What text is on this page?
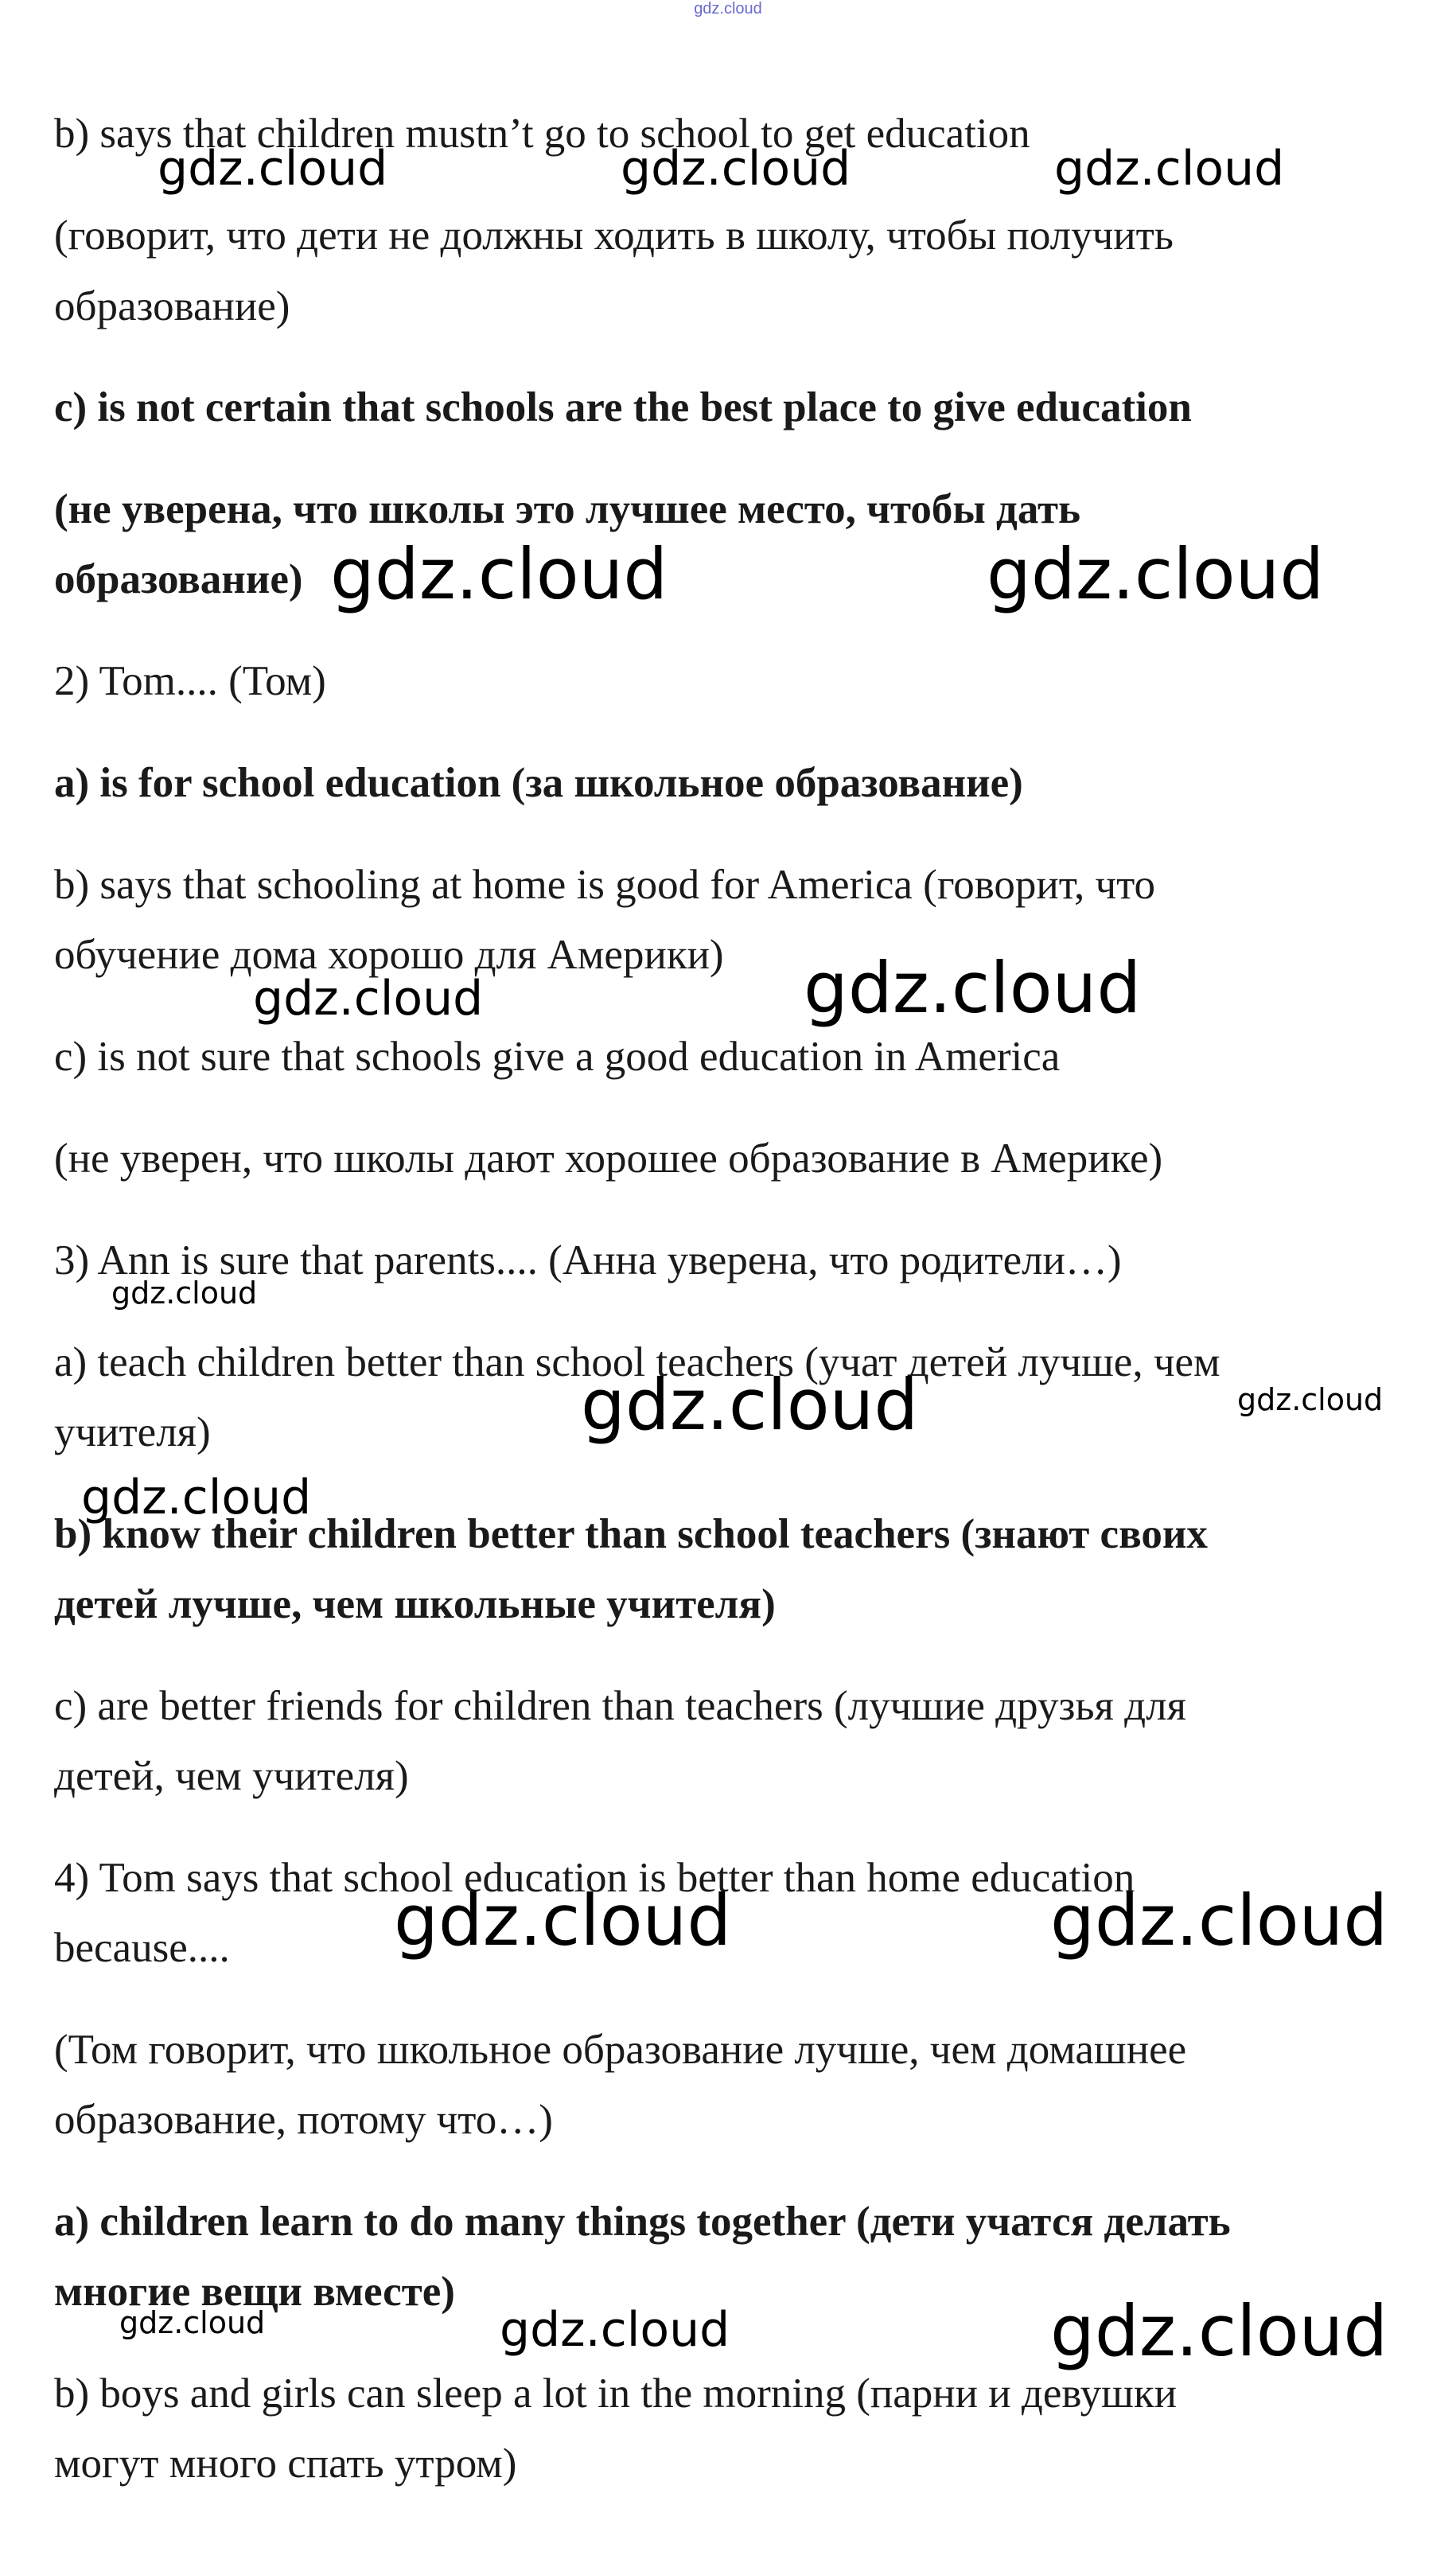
gdz.cloud
b) says that children mustn’t go to school to get education
(говорит, что дети не должны ходить в школу, чтобы получить
образование)
c) is not certain that schools are the best place to give education
(не уверена, что школы это лучшее место, чтобы дать
образование)
2) Tom.... (Том)
a) is for school education (за школьное образование)
b) says that schooling at home is good for America (говорит, что
обучение дома хорошо для Америки)
c) is not sure that schools give a good education in America
(не уверен, что школы дают хорошее образование в Америке)
3) Ann is sure that parents.... (Анна уверена, что родители…)
a) teach children better than school teachers (учат детей лучше, чем
учителя)
b) know their children better than school teachers (знают своих
детей лучше, чем школьные учителя)
c) are better friends for children than teachers (лучшие друзья для
детей, чем учителя)
4) Tom says that school education is better than home education
because....
(Том говорит, что школьное образование лучше, чем домашнее
образование, потому что…)
a) children learn to do many things together (дети учатся делать
многие вещи вместе)
b) boys and girls can sleep a lot in the morning (парни и девушки
могут много спать утром)
gdz.cloud	gdz.cloud	gdz.cloud
gdz.cloud	gdz.cloud
gdz.cloud	gdz.cloud
gdz.cloud
gdz.cloud	gdz.cloud
gdz.cloud
gdz.cloud	gdz.cloud
gdz.cloud	gdz.cloud	gdz.cloud
